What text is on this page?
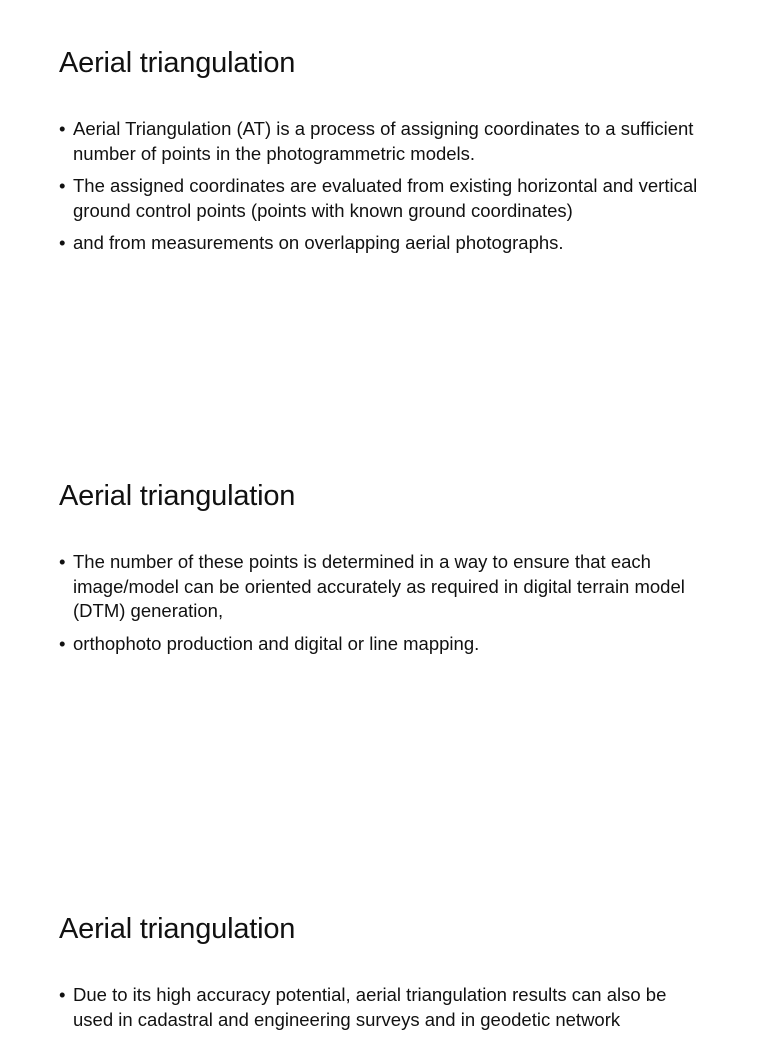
Aerial triangulation
• Aerial Triangulation (AT) is a process of assigning coordinates to a sufficient number of points in the photogrammetric models.
• The assigned coordinates are evaluated from existing horizontal and vertical ground control points (points with known ground coordinates)
• and from measurements on overlapping aerial photographs.
Aerial triangulation
• The number of these points is determined in a way to ensure that each image/model can be oriented accurately as required in digital terrain model (DTM) generation,
• orthophoto production and digital or line mapping.
Aerial triangulation
• Due to its high accuracy potential, aerial triangulation results can also be used in cadastral and engineering surveys and in geodetic network
